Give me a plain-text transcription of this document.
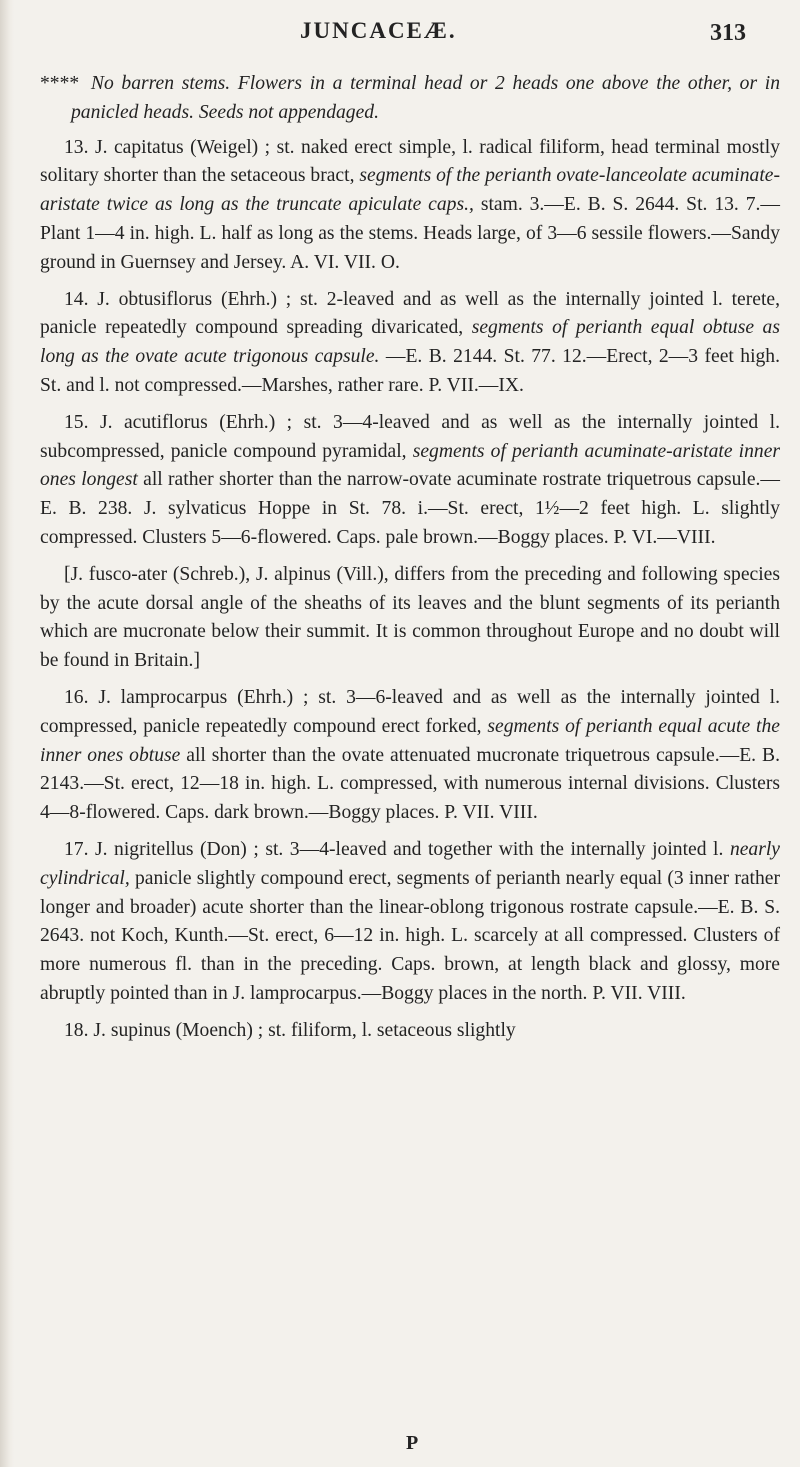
JUNCACEÆ.	313

**** No barren stems. Flowers in a terminal head or 2 heads one above the other, or in panicled heads. Seeds not appendaged.

13. J. capitatus (Weigel) ; st. naked erect simple, l. radical filiform, head terminal mostly solitary shorter than the setaceous bract, segments of the perianth ovate-lanceolate acuminate-aristate twice as long as the truncate apiculate caps., stam. 3.—E. B. S. 2644. St. 13. 7.—Plant 1—4 in. high. L. half as long as the stems. Heads large, of 3—6 sessile flowers.—Sandy ground in Guernsey and Jersey. A. VI. VII. O.

14. J. obtusiflorus (Ehrh.) ; st. 2-leaved and as well as the internally jointed l. terete, panicle repeatedly compound spreading divaricated, segments of perianth equal obtuse as long as the ovate acute trigonous capsule. —E. B. 2144. St. 77. 12.—Erect, 2—3 feet high. St. and l. not compressed.—Marshes, rather rare. P. VII.—IX.

15. J. acutiflorus (Ehrh.) ; st. 3—4-leaved and as well as the internally jointed l. subcompressed, panicle compound pyramidal, segments of perianth acuminate-aristate inner ones longest all rather shorter than the narrow-ovate acuminate rostrate triquetrous capsule.—E. B. 238. J. sylvaticus Hoppe in St. 78. i.—St. erect, 1½—2 feet high. L. slightly compressed. Clusters 5—6-flowered. Caps. pale brown.—Boggy places. P. VI.—VIII.

[J. fusco-ater (Schreb.), J. alpinus (Vill.), differs from the preceding and following species by the acute dorsal angle of the sheaths of its leaves and the blunt segments of its perianth which are mucronate below their summit. It is common throughout Europe and no doubt will be found in Britain.]

16. J. lamprocarpus (Ehrh.) ; st. 3—6-leaved and as well as the internally jointed l. compressed, panicle repeatedly compound erect forked, segments of perianth equal acute the inner ones obtuse all shorter than the ovate attenuated mucronate triquetrous capsule.—E. B. 2143.—St. erect, 12—18 in. high. L. compressed, with numerous internal divisions. Clusters 4—8-flowered. Caps. dark brown.—Boggy places. P. VII. VIII.

17. J. nigritellus (Don) ; st. 3—4-leaved and together with the internally jointed l. nearly cylindrical, panicle slightly compound erect, segments of perianth nearly equal (3 inner rather longer and broader) acute shorter than the linear-oblong trigonous rostrate capsule.—E. B. S. 2643. not Koch, Kunth.—St. erect, 6—12 in. high. L. scarcely at all compressed. Clusters of more numerous fl. than in the preceding. Caps. brown, at length black and glossy, more abruptly pointed than in J. lamprocarpus.—Boggy places in the north. P. VII. VIII.

18. J. supinus (Moench) ; st. filiform, l. setaceous slightly

P
